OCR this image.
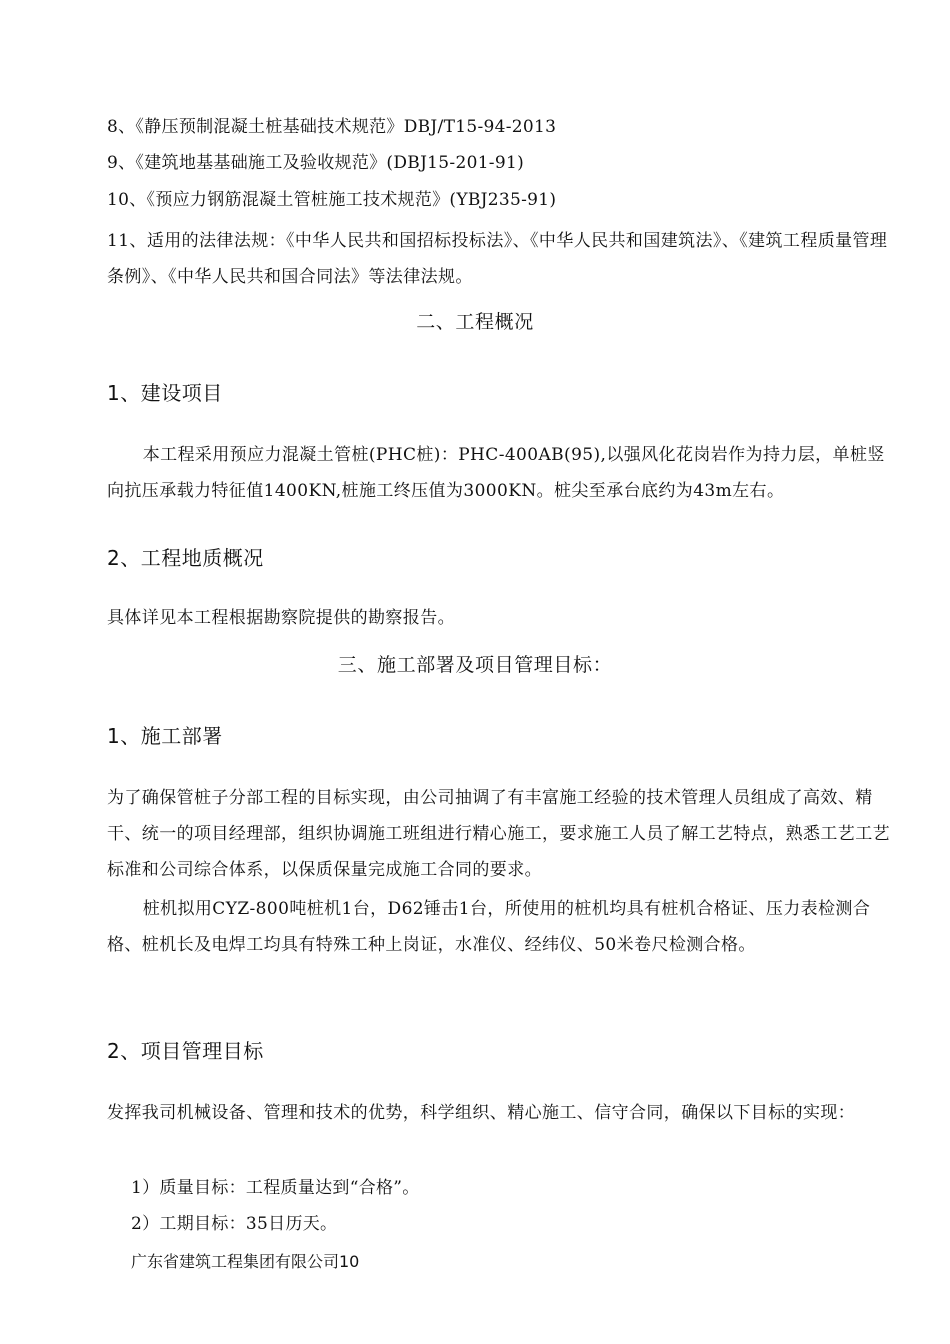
8、《静压预制混凝土桩基础技术规范》DBJ/T15-94-2013
9、《建筑地基基础施工及验收规范》(DBJ15-201-91)
10、《预应力钢筋混凝土管桩施工技术规范》(YBJ235-91)
11、适用的法律法规：《中华人民共和国招标投标法》、《中华人民共和国建筑法》、《建筑工程质量管理条例》、《中华人民共和国合同法》等法律法规。
二、工程概况
1、建设项目
本工程采用预应力混凝土管桩(PHC桩)：PHC-400AB(95),以强风化花岗岩作为持力层，单桩竖向抗压承载力特征值1400KN,桩施工终压值为3000KN。桩尖至承台底约为43m左右。
2、工程地质概况
具体详见本工程根据勘察院提供的勘察报告。
三、施工部署及项目管理目标：
1、施工部署
为了确保管桩子分部工程的目标实现，由公司抽调了有丰富施工经验的技术管理人员组成了高效、精干、统一的项目经理部，组织协调施工班组进行精心施工，要求施工人员了解工艺特点，熟悉工艺工艺标准和公司综合体系，以保质保量完成施工合同的要求。
桩机拟用CYZ-800吨桩机1台，D62锤击1台，所使用的桩机均具有桩机合格证、压力表检测合格、桩机长及电焊工均具有特殊工种上岗证，水准仪、经纬仪、50米卷尺检测合格。
2、项目管理目标
发挥我司机械设备、管理和技术的优势，科学组织、精心施工、信守合同，确保以下目标的实现：
1）质量目标：工程质量达到“合格”。
2）工期目标：35日历天。
广东省建筑工程集团有限公司10
